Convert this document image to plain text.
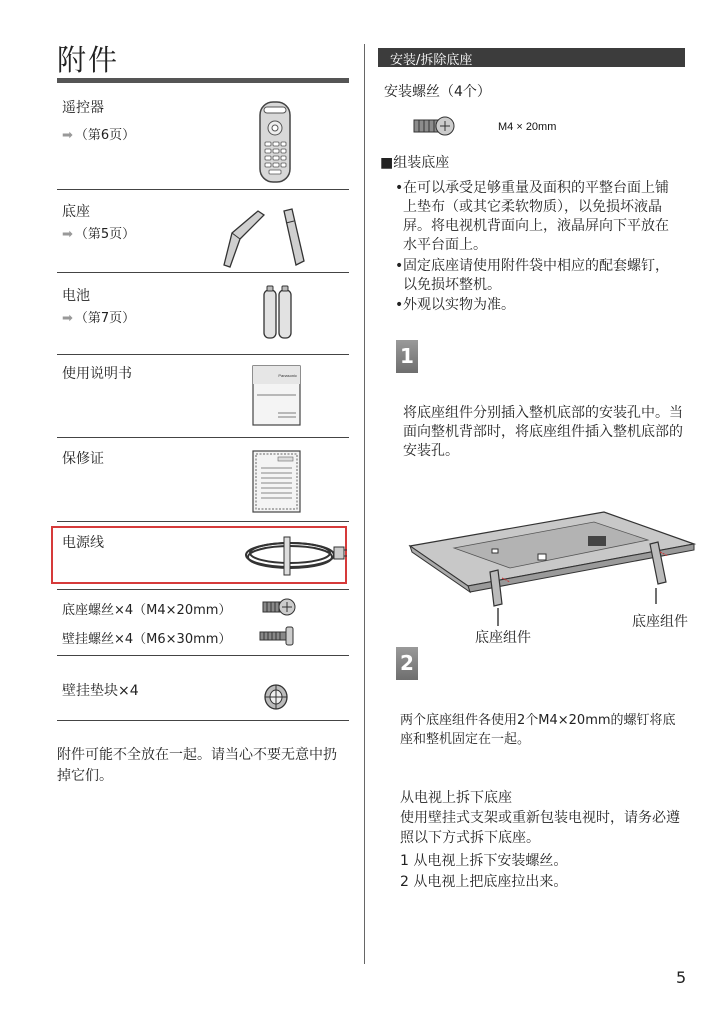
附件
遥控器
➡ （第6页）
底座
➡ （第5页）
电池
➡ （第7页）
使用说明书	Panasonic
保修证
电源线
底座螺丝×4（M4×20mm）
壁挂螺丝×4（M6×30mm）
壁挂垫块×4
附件可能不全放在一起。请当心不要无意中扔掉它们。
安装/拆除底座
安装螺丝（4个）
M4 × 20mm
■组装底座
• 在可以承受足够重量及面积的平整台面上铺上垫布（或其它柔软物质），以免损坏液晶屏。将电视机背面向上，液晶屏向下平放在水平台面上。
• 固定底座请使用附件袋中相应的配套螺钉，以免损坏整机。
• 外观以实物为准。
1
将底座组件分别插入整机底部的安装孔中。当面向整机背部时，将底座组件插入整机底部的安装孔。
底座组件
底座组件
2
两个底座组件各使用2个M4×20mm的螺钉将底座和整机固定在一起。
从电视上拆下底座
使用壁挂式支架或重新包装电视时，请务必遵照以下方式拆下底座。
1 从电视上拆下安装螺丝。
2 从电视上把底座拉出来。
5
